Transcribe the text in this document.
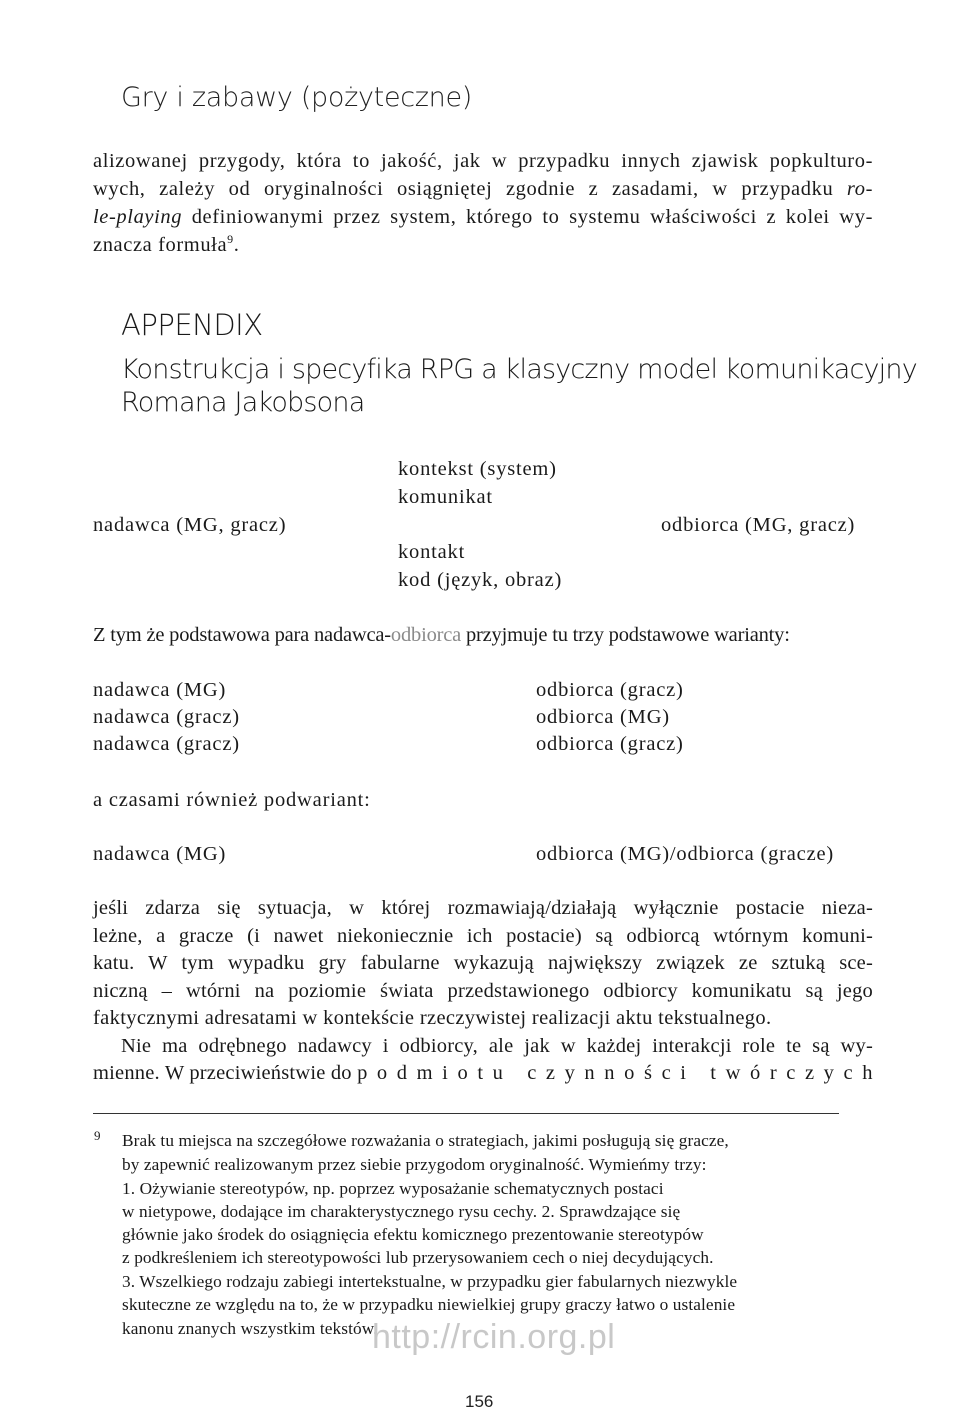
Gry i zabawy (pożyteczne)
alizowanej przygody, która to jakość, jak w przypadku innych zjawisk popkulturo-
wych, zależy od oryginalności osiągniętej zgodnie z zasadami, w przypadku ro-
le-playing definiowanymi przez system, którego to systemu właściwości z kolei wy-
znacza formuła$^9$.
APPENDIX
Konstrukcja i specyfika RPG a klasyczny model komunikacyjny
Romana Jakobsona
kontekst (system)
komunikat
nadawca (MG, gracz)	odbiorca (MG, gracz)
kontakt
kod (język, obraz)
Z tym że podstawowa para nadawca-odbiorca przyjmuje tu trzy podstawowe warianty:
nadawca (MG)	odbiorca (gracz)
nadawca (gracz)	odbiorca (MG)
nadawca (gracz)	odbiorca (gracz)
a czasami również podwariant:
nadawca (MG)	odbiorca (MG)/odbiorca (gracze)
jeśli zdarza się sytuacja, w której rozmawiają/działają wyłącznie postacie nieza-
leżne, a gracze (i nawet niekoniecznie ich postacie) są odbiorcą wtórnym komuni-
katu. W tym wypadku gry fabularne wykazują największy związek ze sztuką sce-
niczną – wtórni na poziomie świata przedstawionego odbiorcy komunikatu są jego
faktycznymi adresatami w kontekście rzeczywistej realizacji aktu tekstualnego.
Nie ma odrębnego nadawcy i odbiorcy, ale jak w każdej interakcji role te są wy-
mienne. W przeciwieństwie do podmiotu czynności twórczych
9 Brak tu miejsca na szczegółowe rozważania o strategiach, jakimi posługują się gracze,
by zapewnić realizowanym przez siebie przygodom oryginalność. Wymieńmy trzy:
1. Ożywianie stereotypów, np. poprzez wyposażanie schematycznych postaci
w nietypowe, dodające im charakterystycznego rysu cechy. 2. Sprawdzające się
głównie jako środek do osiągnięcia efektu komicznego prezentowanie stereotypów
z podkreśleniem ich stereotypowości lub przerysowaniem cech o niej decydujących.
3. Wszelkiego rodzaju zabiegi intertekstualne, w przypadku gier fabularnych niezwykle
skuteczne ze względu na to, że w przypadku niewielkiej grupy graczy łatwo o ustalenie
kanonu znanych wszystkim tekstów.
http://rcin.org.pl
156
